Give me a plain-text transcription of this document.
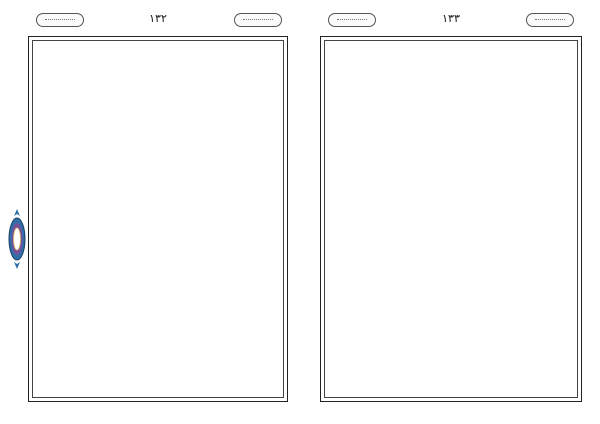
١٣٢	١٣٣
